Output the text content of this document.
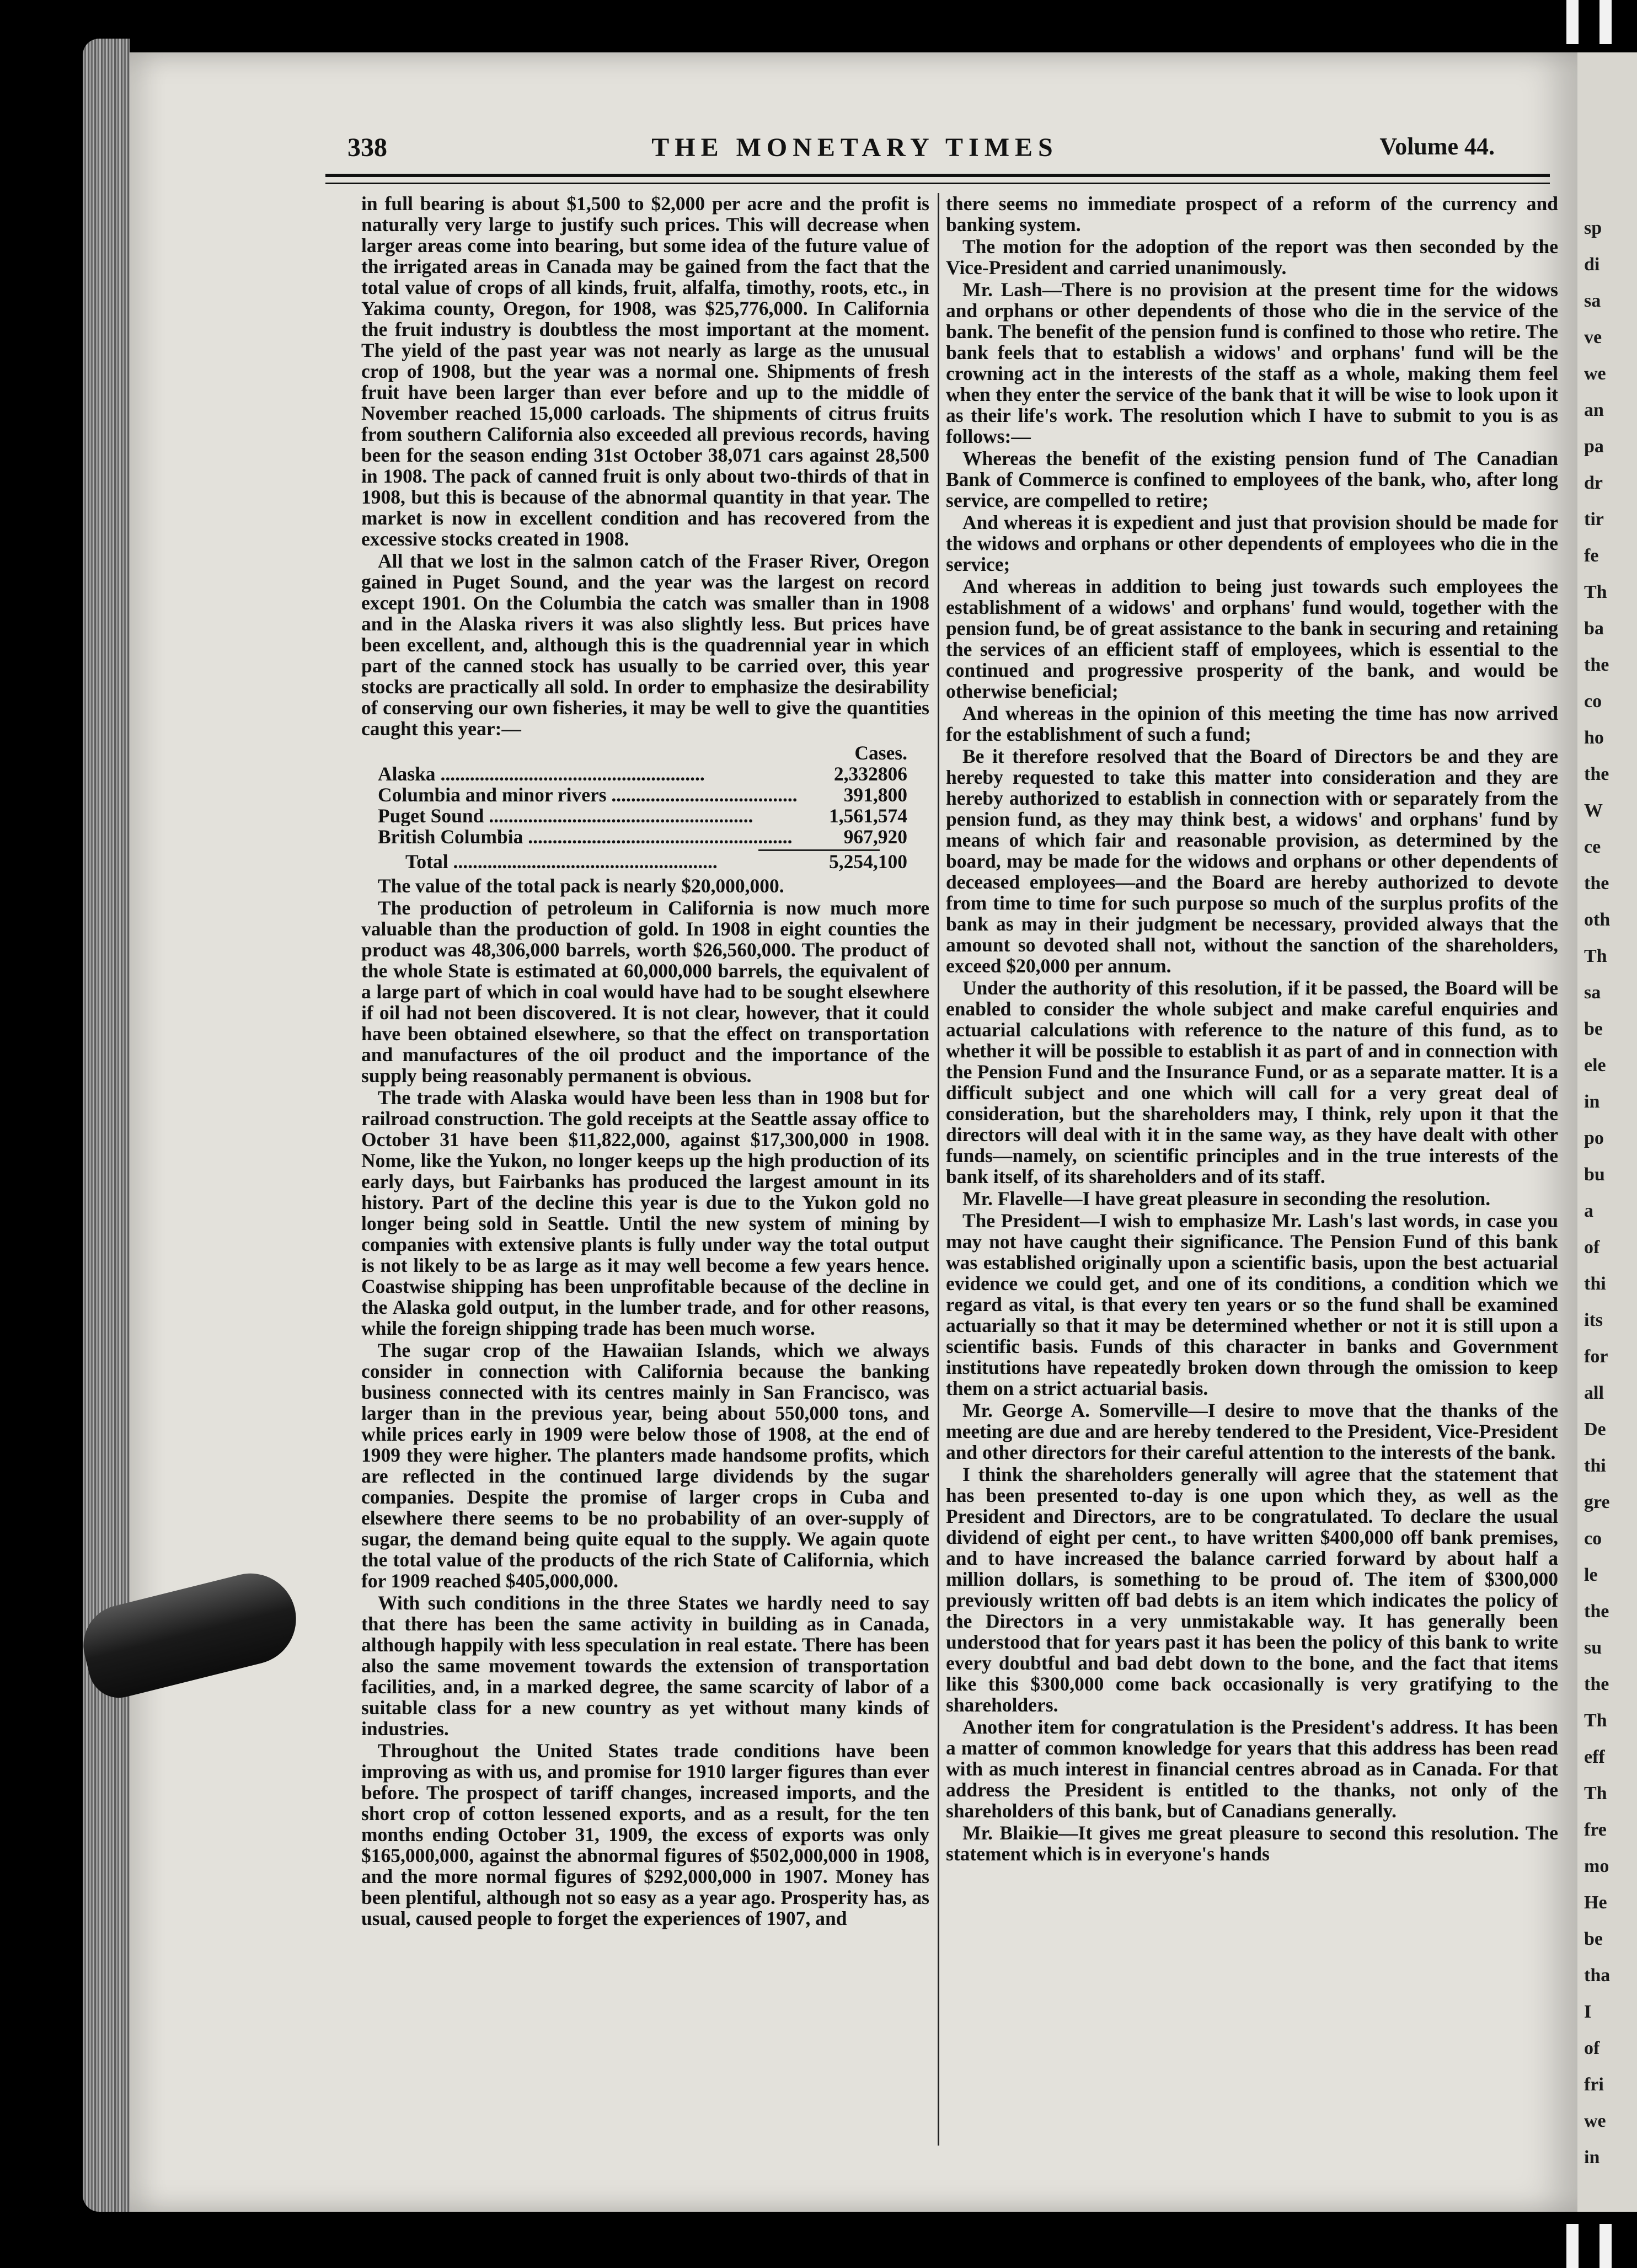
sp
di
sa
ve
we
an
pa
dr
tir
fe
Th
ba
the
co
ho
the
W
ce
the
oth
Th
sa
be
ele
in
po
bu
a
of
thi
its
for
all
De
thi
gre
co
le
the
su
the
Th
eff
Th
fre
mo
He
be
tha
I
of
fri
we
in
338	THE MONETARY TIMES	Volume 44.

in full bearing is about $1,500 to $2,000 per acre and the profit is naturally very large to justify such prices. This will decrease when larger areas come into bearing, but some idea of the future value of the irrigated areas in Canada may be gained from the fact that the total value of crops of all kinds, fruit, alfalfa, timothy, roots, etc., in Yakima county, Oregon, for 1908, was $25,776,000. In California the fruit industry is doubtless the most important at the moment. The yield of the past year was not nearly as large as the unusual crop of 1908, but the year was a normal one. Shipments of fresh fruit have been larger than ever before and up to the middle of November reached 15,000 carloads. The shipments of citrus fruits from southern California also exceeded all previous records, having been for the season ending 31st October 38,071 cars against 28,500 in 1908. The pack of canned fruit is only about two-thirds of that in 1908, but this is because of the abnormal quantity in that year. The market is now in excellent condition and has recovered from the excessive stocks created in 1908.

All that we lost in the salmon catch of the Fraser River, Oregon gained in Puget Sound, and the year was the largest on record except 1901. On the Columbia the catch was smaller than in 1908 and in the Alaska rivers it was also slightly less. But prices have been excellent, and, although this is the quadrennial year in which part of the canned stock has usually to be carried over, this year stocks are practically all sold. In order to emphasize the desirability of conserving our own fisheries, it may be well to give the quantities caught this year:—

Cases.
Alaska .....	2,332806
Columbia and minor rivers .....	391,800
Puget Sound .....	1,561,574
British Columbia .....	967,920
Total .....	5,254,100

The value of the total pack is nearly $20,000,000.

The production of petroleum in California is now much more valuable than the production of gold. In 1908 in eight counties the product was 48,306,000 barrels, worth $26,560,000. The product of the whole State is estimated at 60,000,000 barrels, the equivalent of a large part of which in coal would have had to be sought elsewhere if oil had not been discovered. It is not clear, however, that it could have been obtained elsewhere, so that the effect on transportation and manufactures of the oil product and the importance of the supply being reasonably permanent is obvious.

The trade with Alaska would have been less than in 1908 but for railroad construction. The gold receipts at the Seattle assay office to October 31 have been $11,822,000, against $17,300,000 in 1908. Nome, like the Yukon, no longer keeps up the high production of its early days, but Fairbanks has produced the largest amount in its history. Part of the decline this year is due to the Yukon gold no longer being sold in Seattle. Until the new system of mining by companies with extensive plants is fully under way the total output is not likely to be as large as it may well become a few years hence. Coastwise shipping has been unprofitable because of the decline in the Alaska gold output, in the lumber trade, and for other reasons, while the foreign shipping trade has been much worse.

The sugar crop of the Hawaiian Islands, which we always consider in connection with California because the banking business connected with its centres mainly in San Francisco, was larger than in the previous year, being about 550,000 tons, and while prices early in 1909 were below those of 1908, at the end of 1909 they were higher. The planters made handsome profits, which are reflected in the continued large dividends by the sugar companies. Despite the promise of larger crops in Cuba and elsewhere there seems to be no probability of an over-supply of sugar, the demand being quite equal to the supply. We again quote the total value of the products of the rich State of California, which for 1909 reached $405,000,000.

With such conditions in the three States we hardly need to say that there has been the same activity in building as in Canada, although happily with less speculation in real estate. There has been also the same movement towards the extension of transportation facilities, and, in a marked degree, the same scarcity of labor of a suitable class for a new country as yet without many kinds of industries.

Throughout the United States trade conditions have been improving as with us, and promise for 1910 larger figures than ever before. The prospect of tariff changes, increased imports, and the short crop of cotton lessened exports, and as a result, for the ten months ending October 31, 1909, the excess of exports was only $165,000,000, against the abnormal figures of $502,000,000 in 1908, and the more normal figures of $292,000,000 in 1907. Money has been plentiful, although not so easy as a year ago. Prosperity has, as usual, caused people to forget the experiences of 1907, and

there seems no immediate prospect of a reform of the currency and banking system.

The motion for the adoption of the report was then seconded by the Vice-President and carried unanimously.

Mr. Lash—There is no provision at the present time for the widows and orphans or other dependents of those who die in the service of the bank. The benefit of the pension fund is confined to those who retire. The bank feels that to establish a widows' and orphans' fund will be the crowning act in the interests of the staff as a whole, making them feel when they enter the service of the bank that it will be wise to look upon it as their life's work. The resolution which I have to submit to you is as follows:—

Whereas the benefit of the existing pension fund of The Canadian Bank of Commerce is confined to employees of the bank, who, after long service, are compelled to retire;

And whereas it is expedient and just that provision should be made for the widows and orphans or other dependents of employees who die in the service;

And whereas in addition to being just towards such employees the establishment of a widows' and orphans' fund would, together with the pension fund, be of great assistance to the bank in securing and retaining the services of an efficient staff of employees, which is essential to the continued and progressive prosperity of the bank, and would be otherwise beneficial;

And whereas in the opinion of this meeting the time has now arrived for the establishment of such a fund;

Be it therefore resolved that the Board of Directors be and they are hereby requested to take this matter into consideration and they are hereby authorized to establish in connection with or separately from the pension fund, as they may think best, a widows' and orphans' fund by means of which fair and reasonable provision, as determined by the board, may be made for the widows and orphans or other dependents of deceased employees—and the Board are hereby authorized to devote from time to time for such purpose so much of the surplus profits of the bank as may in their judgment be necessary, provided always that the amount so devoted shall not, without the sanction of the shareholders, exceed $20,000 per annum.

Under the authority of this resolution, if it be passed, the Board will be enabled to consider the whole subject and make careful enquiries and actuarial calculations with reference to the nature of this fund, as to whether it will be possible to establish it as part of and in connection with the Pension Fund and the Insurance Fund, or as a separate matter. It is a difficult subject and one which will call for a very great deal of consideration, but the shareholders may, I think, rely upon it that the directors will deal with it in the same way, as they have dealt with other funds—namely, on scientific principles and in the true interests of the bank itself, of its shareholders and of its staff.

Mr. Flavelle—I have great pleasure in seconding the resolution.

The President—I wish to emphasize Mr. Lash's last words, in case you may not have caught their significance. The Pension Fund of this bank was established originally upon a scientific basis, upon the best actuarial evidence we could get, and one of its conditions, a condition which we regard as vital, is that every ten years or so the fund shall be examined actuarially so that it may be determined whether or not it is still upon a scientific basis. Funds of this character in banks and Government institutions have repeatedly broken down through the omission to keep them on a strict actuarial basis.

Mr. George A. Somerville—I desire to move that the thanks of the meeting are due and are hereby tendered to the President, Vice-President and other directors for their careful attention to the interests of the bank.

I think the shareholders generally will agree that the statement that has been presented to-day is one upon which they, as well as the President and Directors, are to be congratulated. To declare the usual dividend of eight per cent., to have written $400,000 off bank premises, and to have increased the balance carried forward by about half a million dollars, is something to be proud of. The item of $300,000 previously written off bad debts is an item which indicates the policy of the Directors in a very unmistakable way. It has generally been understood that for years past it has been the policy of this bank to write every doubtful and bad debt down to the bone, and the fact that items like this $300,000 come back occasionally is very gratifying to the shareholders.

Another item for congratulation is the President's address. It has been a matter of common knowledge for years that this address has been read with as much interest in financial centres abroad as in Canada. For that address the President is entitled to the thanks, not only of the shareholders of this bank, but of Canadians generally.

Mr. Blaikie—It gives me great pleasure to second this resolution. The statement which is in everyone's hands
